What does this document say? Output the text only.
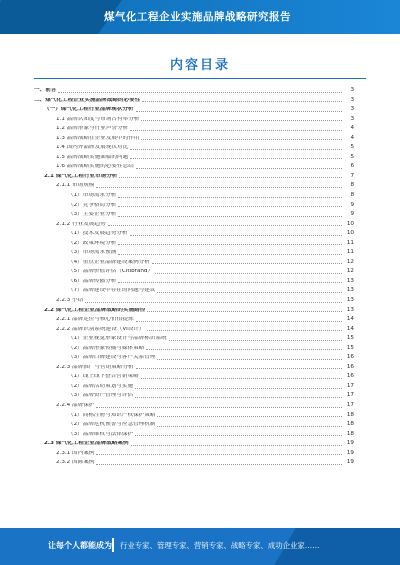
煤气化工程企业实施品牌战略研究报告
内容目录
一、前言	3
二、煤气化工程企业实施品牌战略的必要性	3
（一）煤气化工程行业品牌现状分析	3
1.1 品牌认知度与市场占有率分析	3
1.2 品牌形象与行业声誉分析	4
1.3 品牌战略在企业发展中的作用	4
1.4 国内外品牌发展现状对比	5
1.5 品牌战略实施面临的问题	5
1.6 品牌战略实施的必要性总结	6
2.1 煤气化工程行业市场分析	7
2.1.1 市场规模	8
（1）市场需求分析	8
（2）竞争格局分析	9
（3）主要企业分析	9
2.1.2 行业发展趋势	10
（1）技术发展趋势分析	10
（2）政策环境分析	11
（3）市场需求预测	11
（4）重点企业品牌建设案例分析	12
（5）品牌价值评估（Citibrand）	12
（6）品牌传播分析	13
（7）品牌建设中存在的问题与建议	13
2.2.3 小结	13
2.2 煤气化工程企业品牌战略的实施路径	13
2.2.1 品牌定位与核心价值提炼	14
2.2.2 品牌识别系统建设（VI设计）	14
（1）企业视觉形象设计与品牌标识系统	15
（2）品牌形象传播与媒体策略	15
（3）品牌口碑建设与客户关系管理	16
2.2.3 品牌推广与营销策略分析	16
（1）线上线下整合营销策略	16
（2）品牌活动策划与实施	17
（3）品牌资产管理与评估	17
2.2.4 品牌保护	17
（1）商标注册与知识产权保护策略	18
（2）品牌危机预警与应急管理机制	18
（3）品牌维权与法律保护	18
2.3 煤气化工程企业品牌战略案例	19
2.3.1 国内案例	19
2.3.2 国际案例	19
让每个人都能成为 行业专家、管理专家、营销专家、战略专家、成功企业家……
